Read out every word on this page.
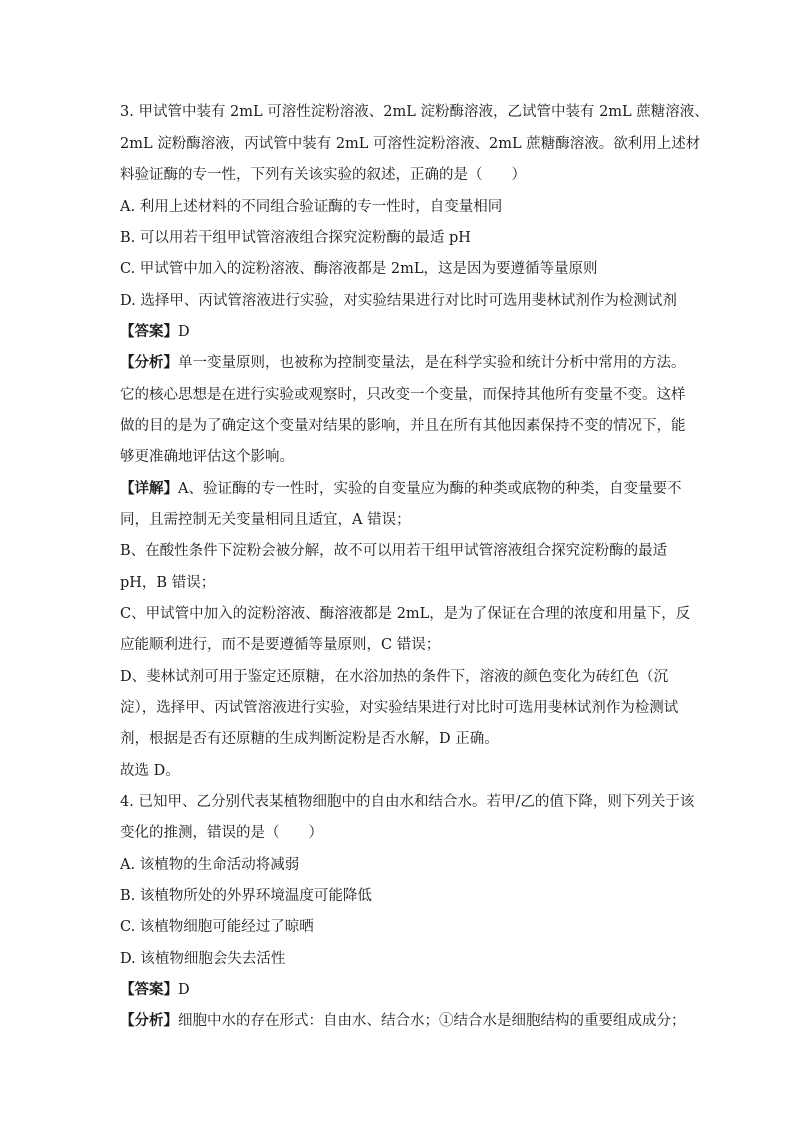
3. 甲试管中装有 2mL 可溶性淀粉溶液、2mL 淀粉酶溶液，乙试管中装有 2mL 蔗糖溶液、
2mL 淀粉酶溶液，丙试管中装有 2mL 可溶性淀粉溶液、2mL 蔗糖酶溶液。欲利用上述材
料验证酶的专一性，下列有关该实验的叙述，正确的是（　　）
A. 利用上述材料的不同组合验证酶的专一性时，自变量相同
B. 可以用若干组甲试管溶液组合探究淀粉酶的最适 pH
C. 甲试管中加入的淀粉溶液、酶溶液都是 2mL，这是因为要遵循等量原则
D. 选择甲、丙试管溶液进行实验，对实验结果进行对比时可选用斐林试剂作为检测试剂
【答案】D
【分析】单一变量原则，也被称为控制变量法，是在科学实验和统计分析中常用的方法。
它的核心思想是在进行实验或观察时，只改变一个变量，而保持其他所有变量不变。这样
做的目的是为了确定这个变量对结果的影响，并且在所有其他因素保持不变的情况下，能
够更准确地评估这个影响。
【详解】A、验证酶的专一性时，实验的自变量应为酶的种类或底物的种类，自变量要不
同，且需控制无关变量相同且适宜，A 错误；
B、在酸性条件下淀粉会被分解，故不可以用若干组甲试管溶液组合探究淀粉酶的最适
pH，B 错误；
C、甲试管中加入的淀粉溶液、酶溶液都是 2mL，是为了保证在合理的浓度和用量下，反
应能顺利进行，而不是要遵循等量原则，C 错误；
D、斐林试剂可用于鉴定还原糖，在水浴加热的条件下，溶液的颜色变化为砖红色（沉
淀），选择甲、丙试管溶液进行实验，对实验结果进行对比时可选用斐林试剂作为检测试
剂，根据是否有还原糖的生成判断淀粉是否水解，D 正确。
故选 D。
4. 已知甲、乙分别代表某植物细胞中的自由水和结合水。若甲/乙的值下降，则下列关于该
变化的推测，错误的是（　　）
A. 该植物的生命活动将减弱
B. 该植物所处的外界环境温度可能降低
C. 该植物细胞可能经过了晾晒
D. 该植物细胞会失去活性
【答案】D
【分析】细胞中水的存在形式：自由水、结合水；①结合水是细胞结构的重要组成成分；
